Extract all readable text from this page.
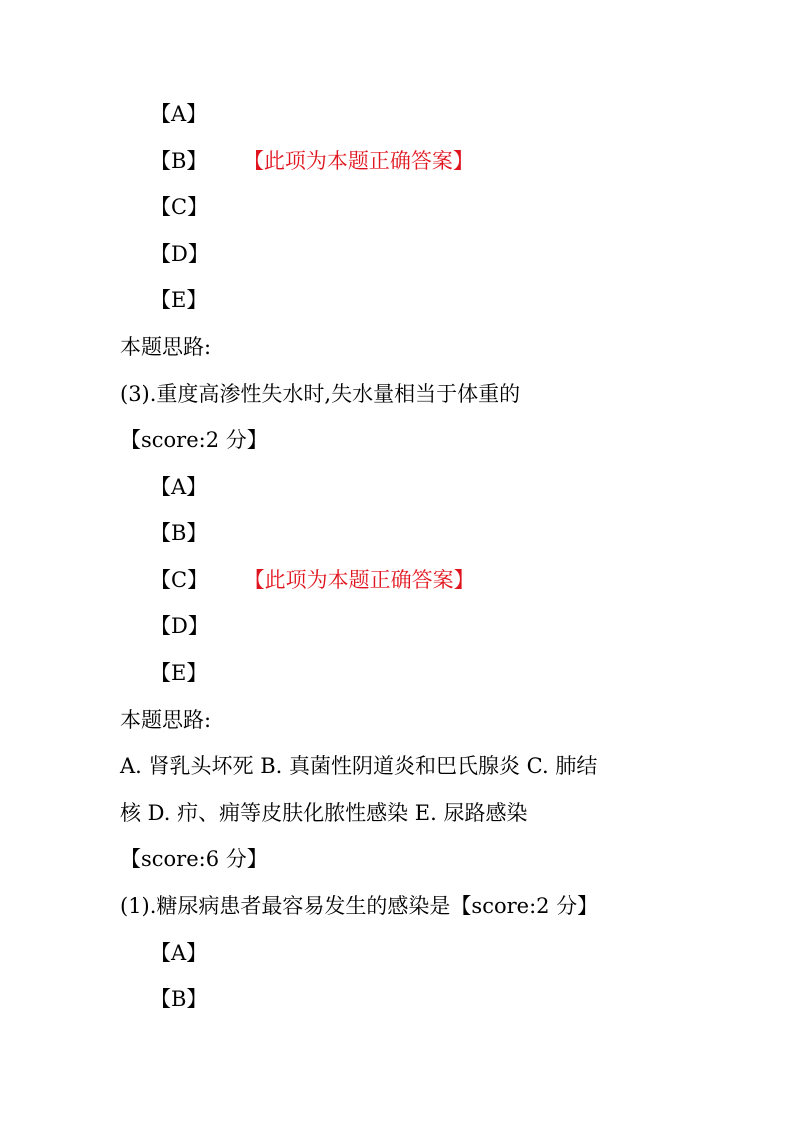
【A】
【B】 【此项为本题正确答案】
【C】
【D】
【E】
本题思路:
(3).重度高渗性失水时,失水量相当于体重的
【score:2 分】
【A】
【B】
【C】 【此项为本题正确答案】
【D】
【E】
本题思路:
A. 肾乳头坏死 B. 真菌性阴道炎和巴氏腺炎 C. 肺结
核 D. 疖、痈等皮肤化脓性感染 E. 尿路感染
【score:6 分】
(1).糖尿病患者最容易发生的感染是【score:2 分】
【A】
【B】
